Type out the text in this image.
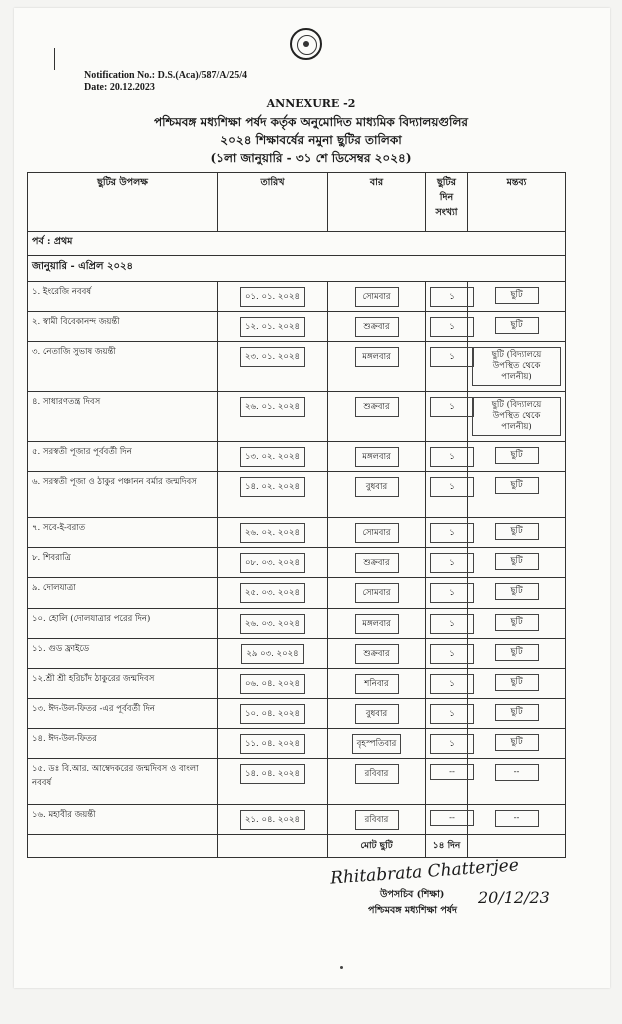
Notification No.: D.S.(Aca)/587/A/25/4
Date: 20.12.2023
ANNEXURE -2
পশ্চিমবঙ্গ মধ্যশিক্ষা পর্ষদ কর্তৃক অনুমোদিত মাধ্যমিক বিদ্যালয়গুলির
২০২৪ শিক্ষাবর্ষের নমুনা ছুটির তালিকা
(১লা জানুয়ারি - ৩১ শে ডিসেম্বর ২০২৪)
ছুটির উপলক্ষ	তারিখ	বার	ছুটির দিন সংখ্যা	মন্তব্য
পর্ব : প্রথম				
জানুয়ারি - এপ্রিল ২০২৪				
১. ইংরেজি নববর্ষ	০১. ০১. ২০২৪	সোমবার	১	ছুটি
২. স্বামী বিবেকানন্দ জয়ন্তী	১২. ০১. ২০২৪	শুক্রবার	১	ছুটি
৩. নেতাজি সুভাষ জয়ন্তী	২৩. ০১. ২০২৪	মঙ্গলবার	১	ছুটি (বিদ্যালয়ে উপস্থিত থেকে পালনীয়)
৪. সাধারণতন্ত্র দিবস	২৬. ০১. ২০২৪	শুক্রবার	১	ছুটি (বিদ্যালয়ে উপস্থিত থেকে পালনীয়)
৫. সরস্বতী পূজার পূর্ববর্তী দিন	১৩. ০২. ২০২৪	মঙ্গলবার	১	ছুটি
৬. সরস্বতী পূজা ও ঠাকুর পঞ্চানন বর্মার জন্মদিবস	১৪. ০২. ২০২৪	বুধবার	১	ছুটি
৭. সবে-ই-বরাত	২৬. ০২. ২০২৪	সোমবার	১	ছুটি
৮. শিবরাত্রি	০৮. ০৩. ২০২৪	শুক্রবার	১	ছুটি
৯. দোলযাত্রা	২৫. ০৩. ২০২৪	সোমবার	১	ছুটি
১০. হোলি (দোলযাত্রার পরের দিন)	২৬. ০৩. ২০২৪	মঙ্গলবার	১	ছুটি
১১. গুড ফ্রাইডে	২৯ ০৩. ২০২৪	শুক্রবার	১	ছুটি
১২.শ্রী শ্রী হরিচাঁদ ঠাকুরের জন্মদিবস	০৬. ০৪. ২০২৪	শনিবার	১	ছুটি
১৩. ঈদ-উল-ফিতর -এর পূর্ববর্তী দিন	১০. ০৪. ২০২৪	বুধবার	১	ছুটি
১৪. ঈদ-উল-ফিতর	১১. ০৪. ২০২৪	বৃহস্পতিবার	১	ছুটি
১৫. ডঃ বি.আর. আম্বেদকরের জন্মদিবস ও বাংলা নববর্ষ	১৪. ০৪. ২০২৪	রবিবার	--	--
১৬. মহাবীর জয়ন্তী	২১. ০৪. ২০২৪	রবিবার	--	--
		মোট ছুটি	১৪ দিন	
Rhitabrata Chatterjee
20/12/23
উপসচিব (শিক্ষা)
পশ্চিমবঙ্গ মধ্যশিক্ষা পর্ষদ
